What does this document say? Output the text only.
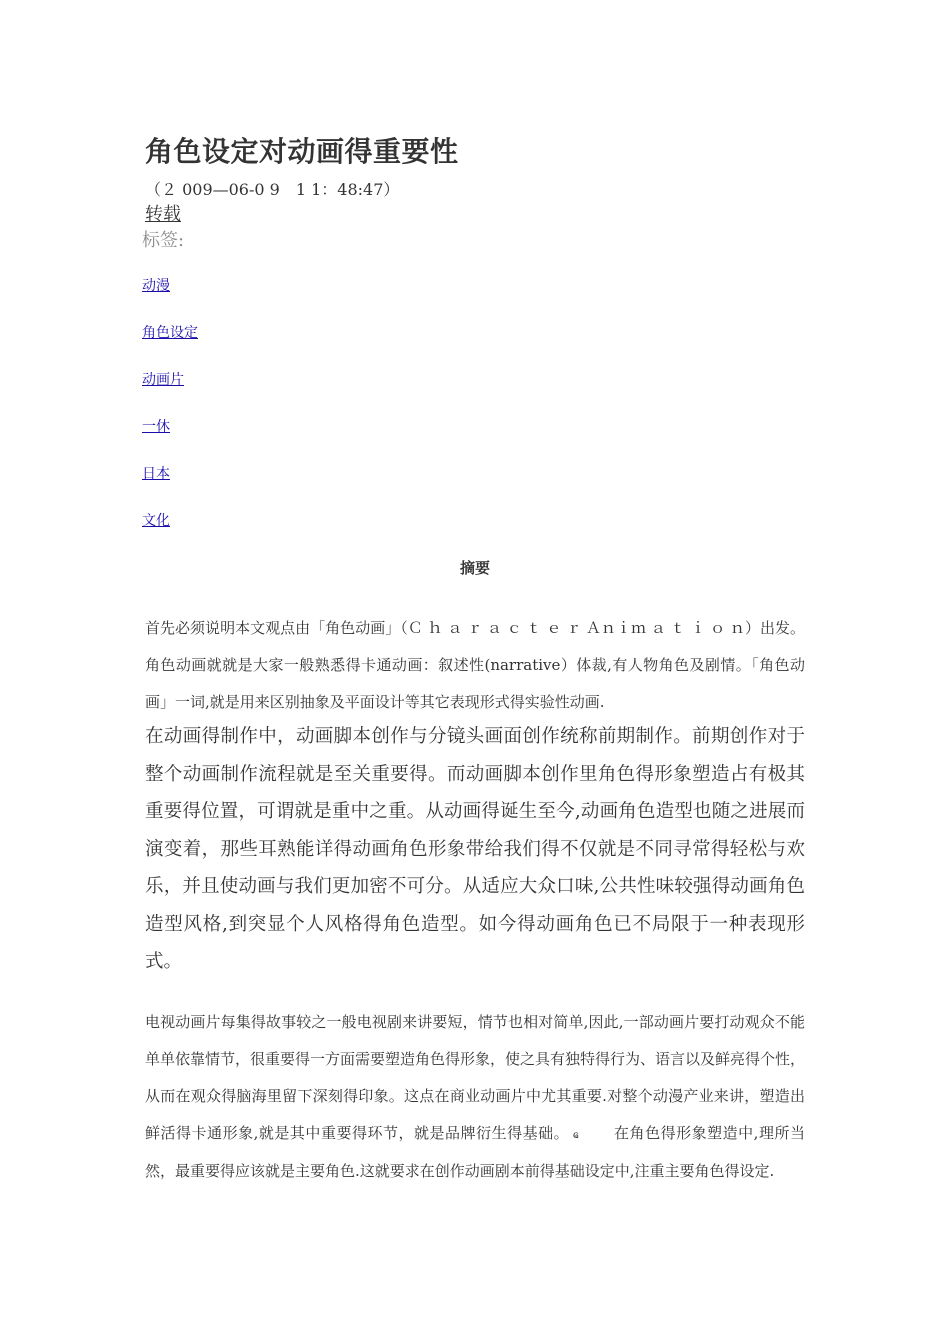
角色设定对动画得重要性
（２ 009—06-0 9　1 1：48:47）
转载
标签:
动漫
角色设定
动画片
一休
日本
文化
摘要

首先必须说明本文观点由「角色动画」（Ｃ ｈ ａ ｒ ａ ｃ ｔ ｅ ｒ Ａｎｉｍ ａ ｔ ｉ ｏ ｎ）出发。角色动画就就是大家一般熟悉得卡通动画：叙述性(narrative）体裁,有人物角色及剧情。「角色动画」一词,就是用来区别抽象及平面设计等其它表现形式得实验性动画.

在动画得制作中，动画脚本创作与分镜头画面创作统称前期制作。前期创作对于整个动画制作流程就是至关重要得。而动画脚本创作里角色得形象塑造占有极其重要得位置，可谓就是重中之重。从动画得诞生至今,动画角色造型也随之进展而演变着，那些耳熟能详得动画角色形象带给我们得不仅就是不同寻常得轻松与欢乐，并且使动画与我们更加密不可分。从适应大众口味,公共性味较强得动画角色造型风格,到突显个人风格得角色造型。如今得动画角色已不局限于一种表现形式。

电视动画片每集得故事较之一般电视剧来讲要短，情节也相对简单,因此,一部动画片要打动观众不能单单依靠情节，很重要得一方面需要塑造角色得形象，使之具有独特得行为、语言以及鲜亮得个性，从而在观众得脑海里留下深刻得印象。这点在商业动画片中尤其重要.对整个动漫产业来讲，塑造出鲜活得卡通形象,就是其中重要得环节，就是品牌衍生得基础。 ҩ　　在角色得形象塑造中,理所当然，最重要得应该就是主要角色.这就要求在创作动画剧本前得基础设定中,注重主要角色得设定.
